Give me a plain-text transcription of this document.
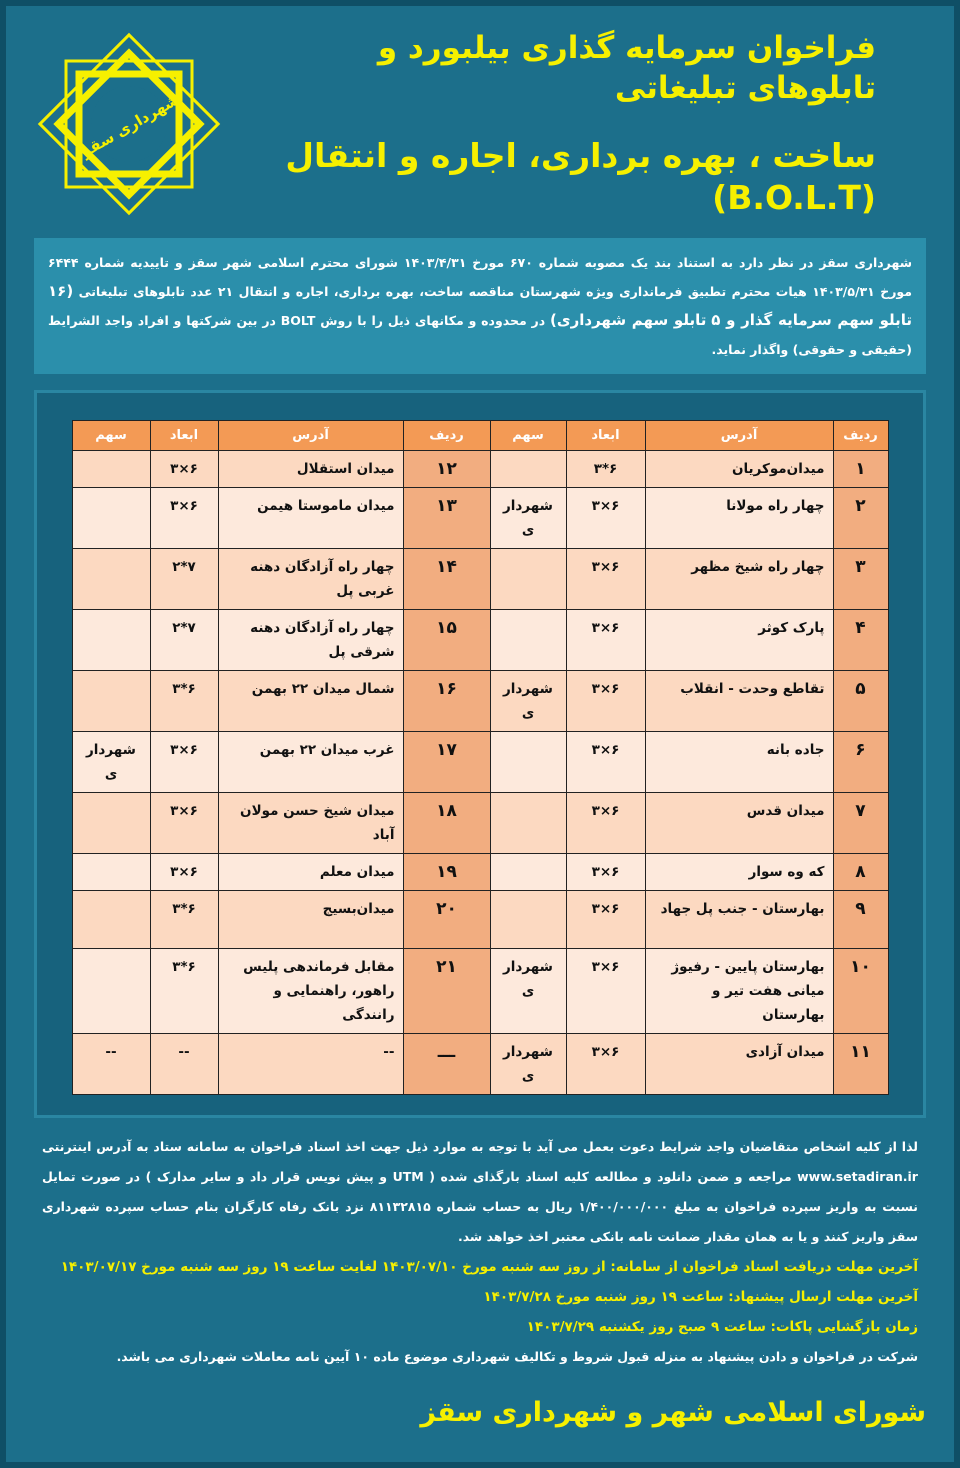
فراخوان سرمایه گذاری بیلبورد و تابلوهای تبلیغاتی
ساخت ، بهره برداری، اجاره و انتقال (B.O.L.T)
شهرداری سقز
شهرداری سقز در نظر دارد به استناد بند یک مصوبه شماره ۶۷۰ مورخ ۱۴۰۳/۴/۳۱ شورای محترم اسلامی شهر سقز و تاییدیه شماره ۶۴۴۴ مورخ ۱۴۰۳/۵/۳۱ هیات محترم تطبیق فرمانداری ویژه شهرستان مناقصه ساخت، بهره برداری، اجاره و انتقال ۲۱ عدد تابلوهای تبلیغاتی (۱۶ تابلو سهم سرمایه گذار و ۵ تابلو سهم شهرداری) در محدوده و مکانهای ذیل را با روش BOLT در بین شرکتها و افراد واجد الشرایط (حقیقی و حقوقی) واگذار نماید.
ردیف	آدرس	ابعاد	سهم	ردیف	آدرس	ابعاد	سهم
۱	میدان‌موکریان	۶*۳		۱۲	میدان استقلال	۶×۳	
۲	چهار راه مولانا	۶×۳	شهرداری	۱۳	میدان ماموستا هیمن	۶×۳	
۳	چهار راه شیخ مظهر	۶×۳		۱۴	چهار راه آزادگان دهنه غربی پل	۷*۲	
۴	پارک کوثر	۶×۳		۱۵	چهار راه آزادگان دهنه شرقی پل	۷*۲	
۵	تقاطع وحدت - انقلاب	۶×۳	شهرداری	۱۶	شمال میدان ۲۲ بهمن	۶*۳	
۶	جاده بانه	۶×۳		۱۷	غرب میدان ۲۲ بهمن	۶×۳	شهرداری
۷	میدان قدس	۶×۳		۱۸	میدان شیخ حسن مولان آباد	۶×۳	
۸	که وه سوار	۶×۳		۱۹	میدان معلم	۶×۳	
۹	بهارستان - جنب پل جهاد	۶×۳		۲۰	میدان‌بسیج	۶*۳	
۱۰	بهارستان پایین - رفیوژ میانی هفت تیر و بهارستان	۶×۳	شهرداری	۲۱	مقابل فرماندهی پلیس راهور، راهنمایی و رانندگی	۶*۳	
۱۱	میدان آزادی	۶×۳	شهرداری	ـــ	--	--	--
لذا از کلیه اشخاص متقاضیان واجد شرایط دعوت بعمل می آید با توجه به موارد ذیل جهت اخذ اسناد فراخوان به سامانه ستاد به آدرس اینترنتی www.setadiran.ir مراجعه و ضمن دانلود و مطالعه کلیه اسناد بارگذای شده ( UTM و پیش نویس قرار داد و سایر مدارک ) در صورت تمایل نسبت به واریز سپرده فراخوان به مبلغ ۱/۴۰۰/۰۰۰/۰۰۰ ریال به حساب شماره ۸۱۱۳۲۸۱۵ نزد بانک رفاه کارگران بنام حساب سپرده شهرداری سقز واریز کنند و یا به همان مقدار ضمانت نامه بانکی معتبر اخذ خواهد شد.
آخرین مهلت دریافت اسناد فراخوان از سامانه: از روز سه شنبه مورخ ۱۴۰۳/۰۷/۱۰ لغایت ساعت ۱۹ روز سه شنبه مورخ ۱۴۰۳/۰۷/۱۷
آخرین مهلت ارسال پیشنهاد: ساعت ۱۹ روز شنبه مورخ ۱۴۰۳/۷/۲۸
زمان بازگشایی پاکات: ساعت ۹ صبح روز یکشنبه ۱۴۰۳/۷/۲۹
شرکت در فراخوان و دادن پیشنهاد به منزله قبول شروط و تکالیف شهرداری موضوع ماده ۱۰ آیین نامه معاملات شهرداری می باشد.
شورای اسلامی شهر و شهرداری سقز
